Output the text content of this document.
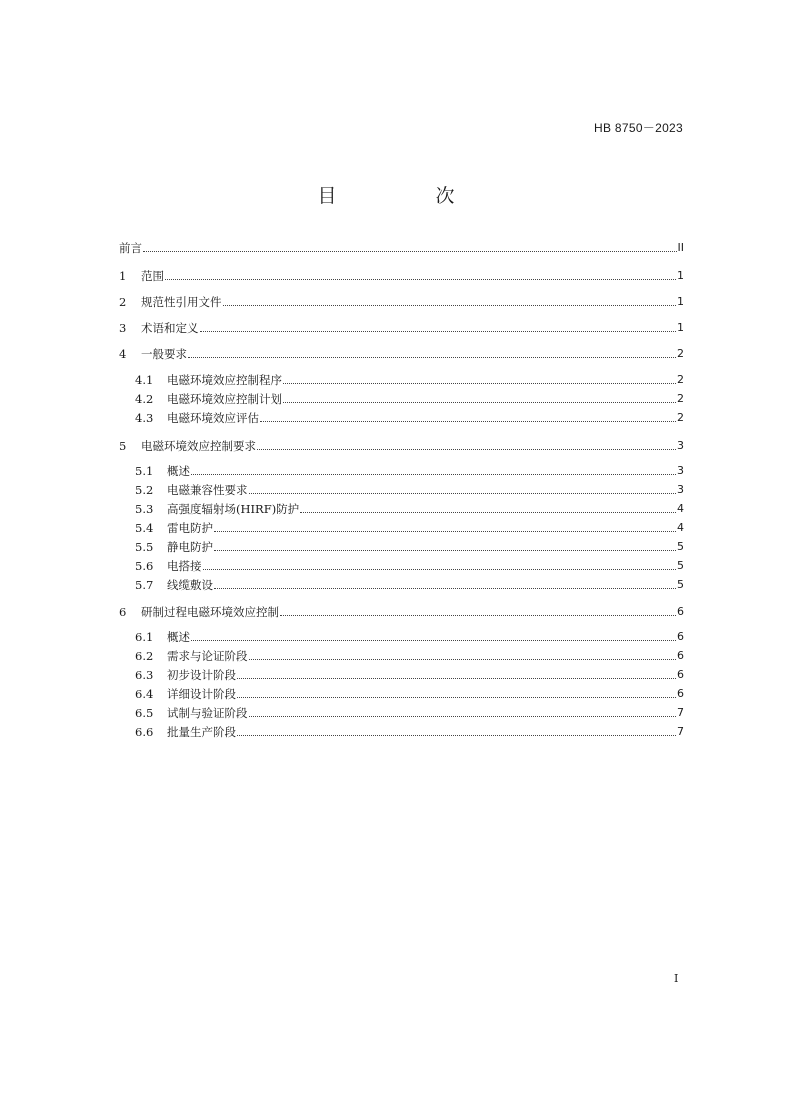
HB 8750－2023
目　次
前言	II
1	范围	1
2	规范性引用文件	1
3	术语和定义	1
4	一般要求	2
4.1	电磁环境效应控制程序	2
4.2	电磁环境效应控制计划	2
4.3	电磁环境效应评估	2
5	电磁环境效应控制要求	3
5.1	概述	3
5.2	电磁兼容性要求	3
5.3	高强度辐射场(HIRF)防护	4
5.4	雷电防护	4
5.5	静电防护	5
5.6	电搭接	5
5.7	线缆敷设	5
6	研制过程电磁环境效应控制	6
6.1	概述	6
6.2	需求与论证阶段	6
6.3	初步设计阶段	6
6.4	详细设计阶段	6
6.5	试制与验证阶段	7
6.6	批量生产阶段	7
I
